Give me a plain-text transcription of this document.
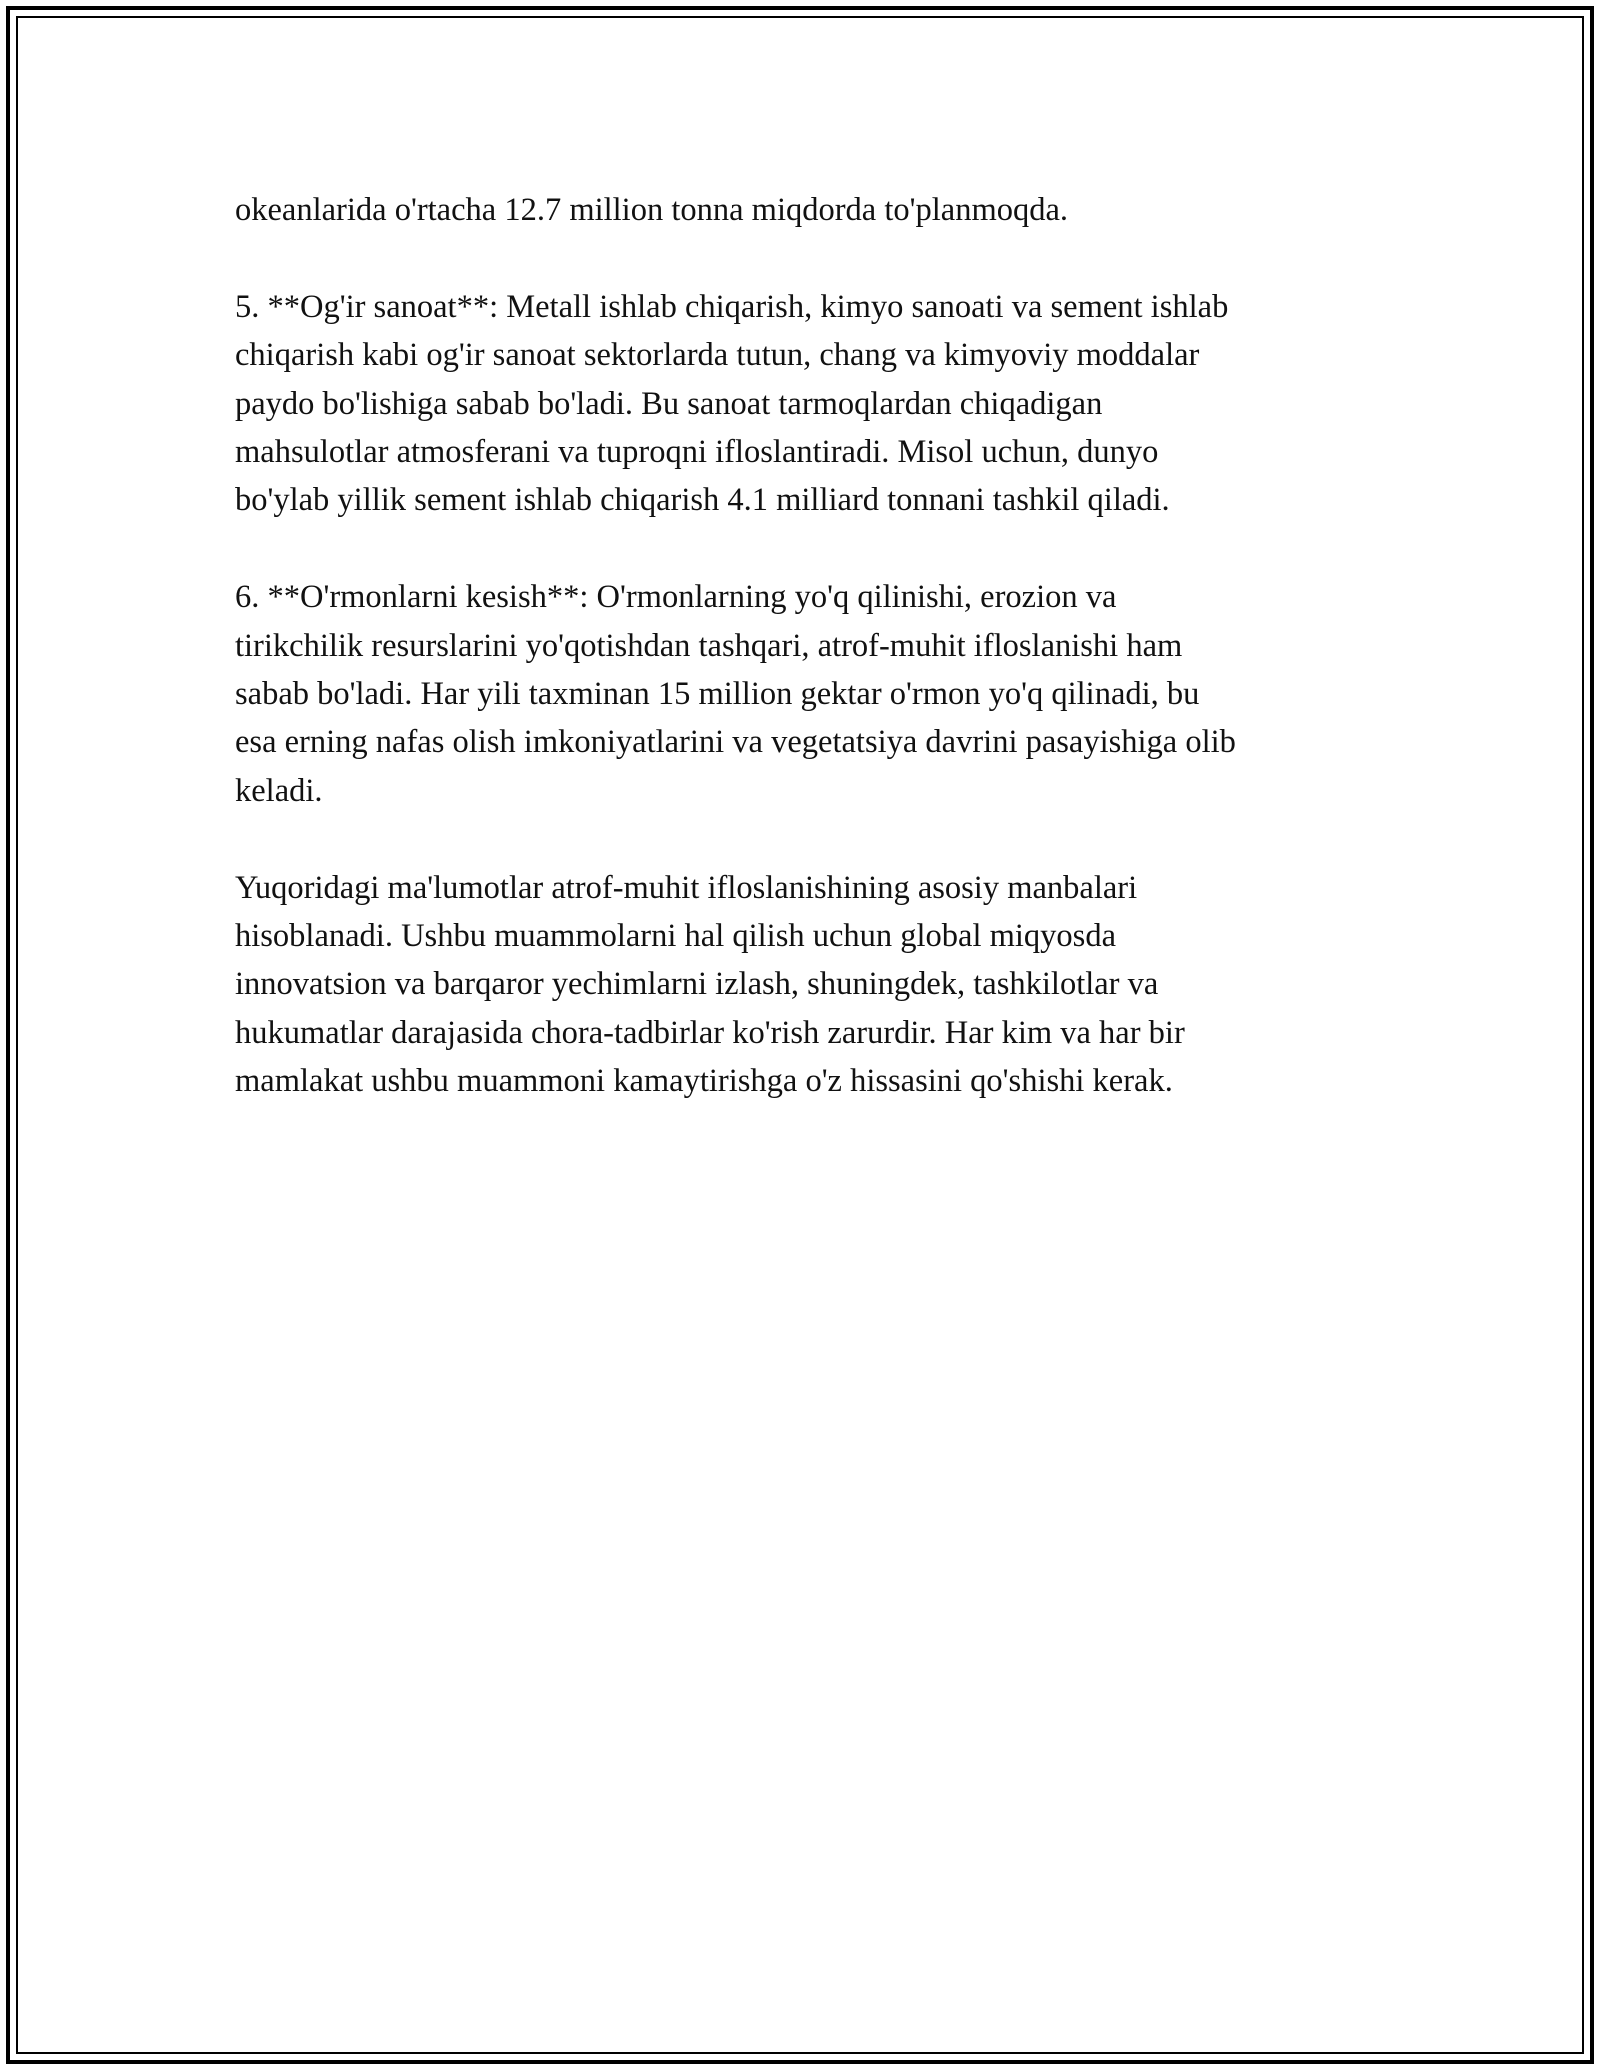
okeanlarida o'rtacha 12.7 million tonna miqdorda to'planmoqda.

5. **Og'ir sanoat**: Metall ishlab chiqarish, kimyo sanoati va sement ishlab
chiqarish kabi og'ir sanoat sektorlarda tutun, chang va kimyoviy moddalar
paydo bo'lishiga sabab bo'ladi. Bu sanoat tarmoqlardan chiqadigan
mahsulotlar atmosferani va tuproqni ifloslantiradi. Misol uchun, dunyo
bo'ylab yillik sement ishlab chiqarish 4.1 milliard tonnani tashkil qiladi.

6. **O'rmonlarni kesish**: O'rmonlarning yo'q qilinishi, erozion va
tirikchilik resurslarini yo'qotishdan tashqari, atrof-muhit ifloslanishi ham
sabab bo'ladi. Har yili taxminan 15 million gektar o'rmon yo'q qilinadi, bu
esa erning nafas olish imkoniyatlarini va vegetatsiya davrini pasayishiga olib
keladi.

Yuqoridagi ma'lumotlar atrof-muhit ifloslanishining asosiy manbalari
hisoblanadi. Ushbu muammolarni hal qilish uchun global miqyosda
innovatsion va barqaror yechimlarni izlash, shuningdek, tashkilotlar va
hukumatlar darajasida chora-tadbirlar ko'rish zarurdir. Har kim va har bir
mamlakat ushbu muammoni kamaytirishga o'z hissasini qo'shishi kerak.
